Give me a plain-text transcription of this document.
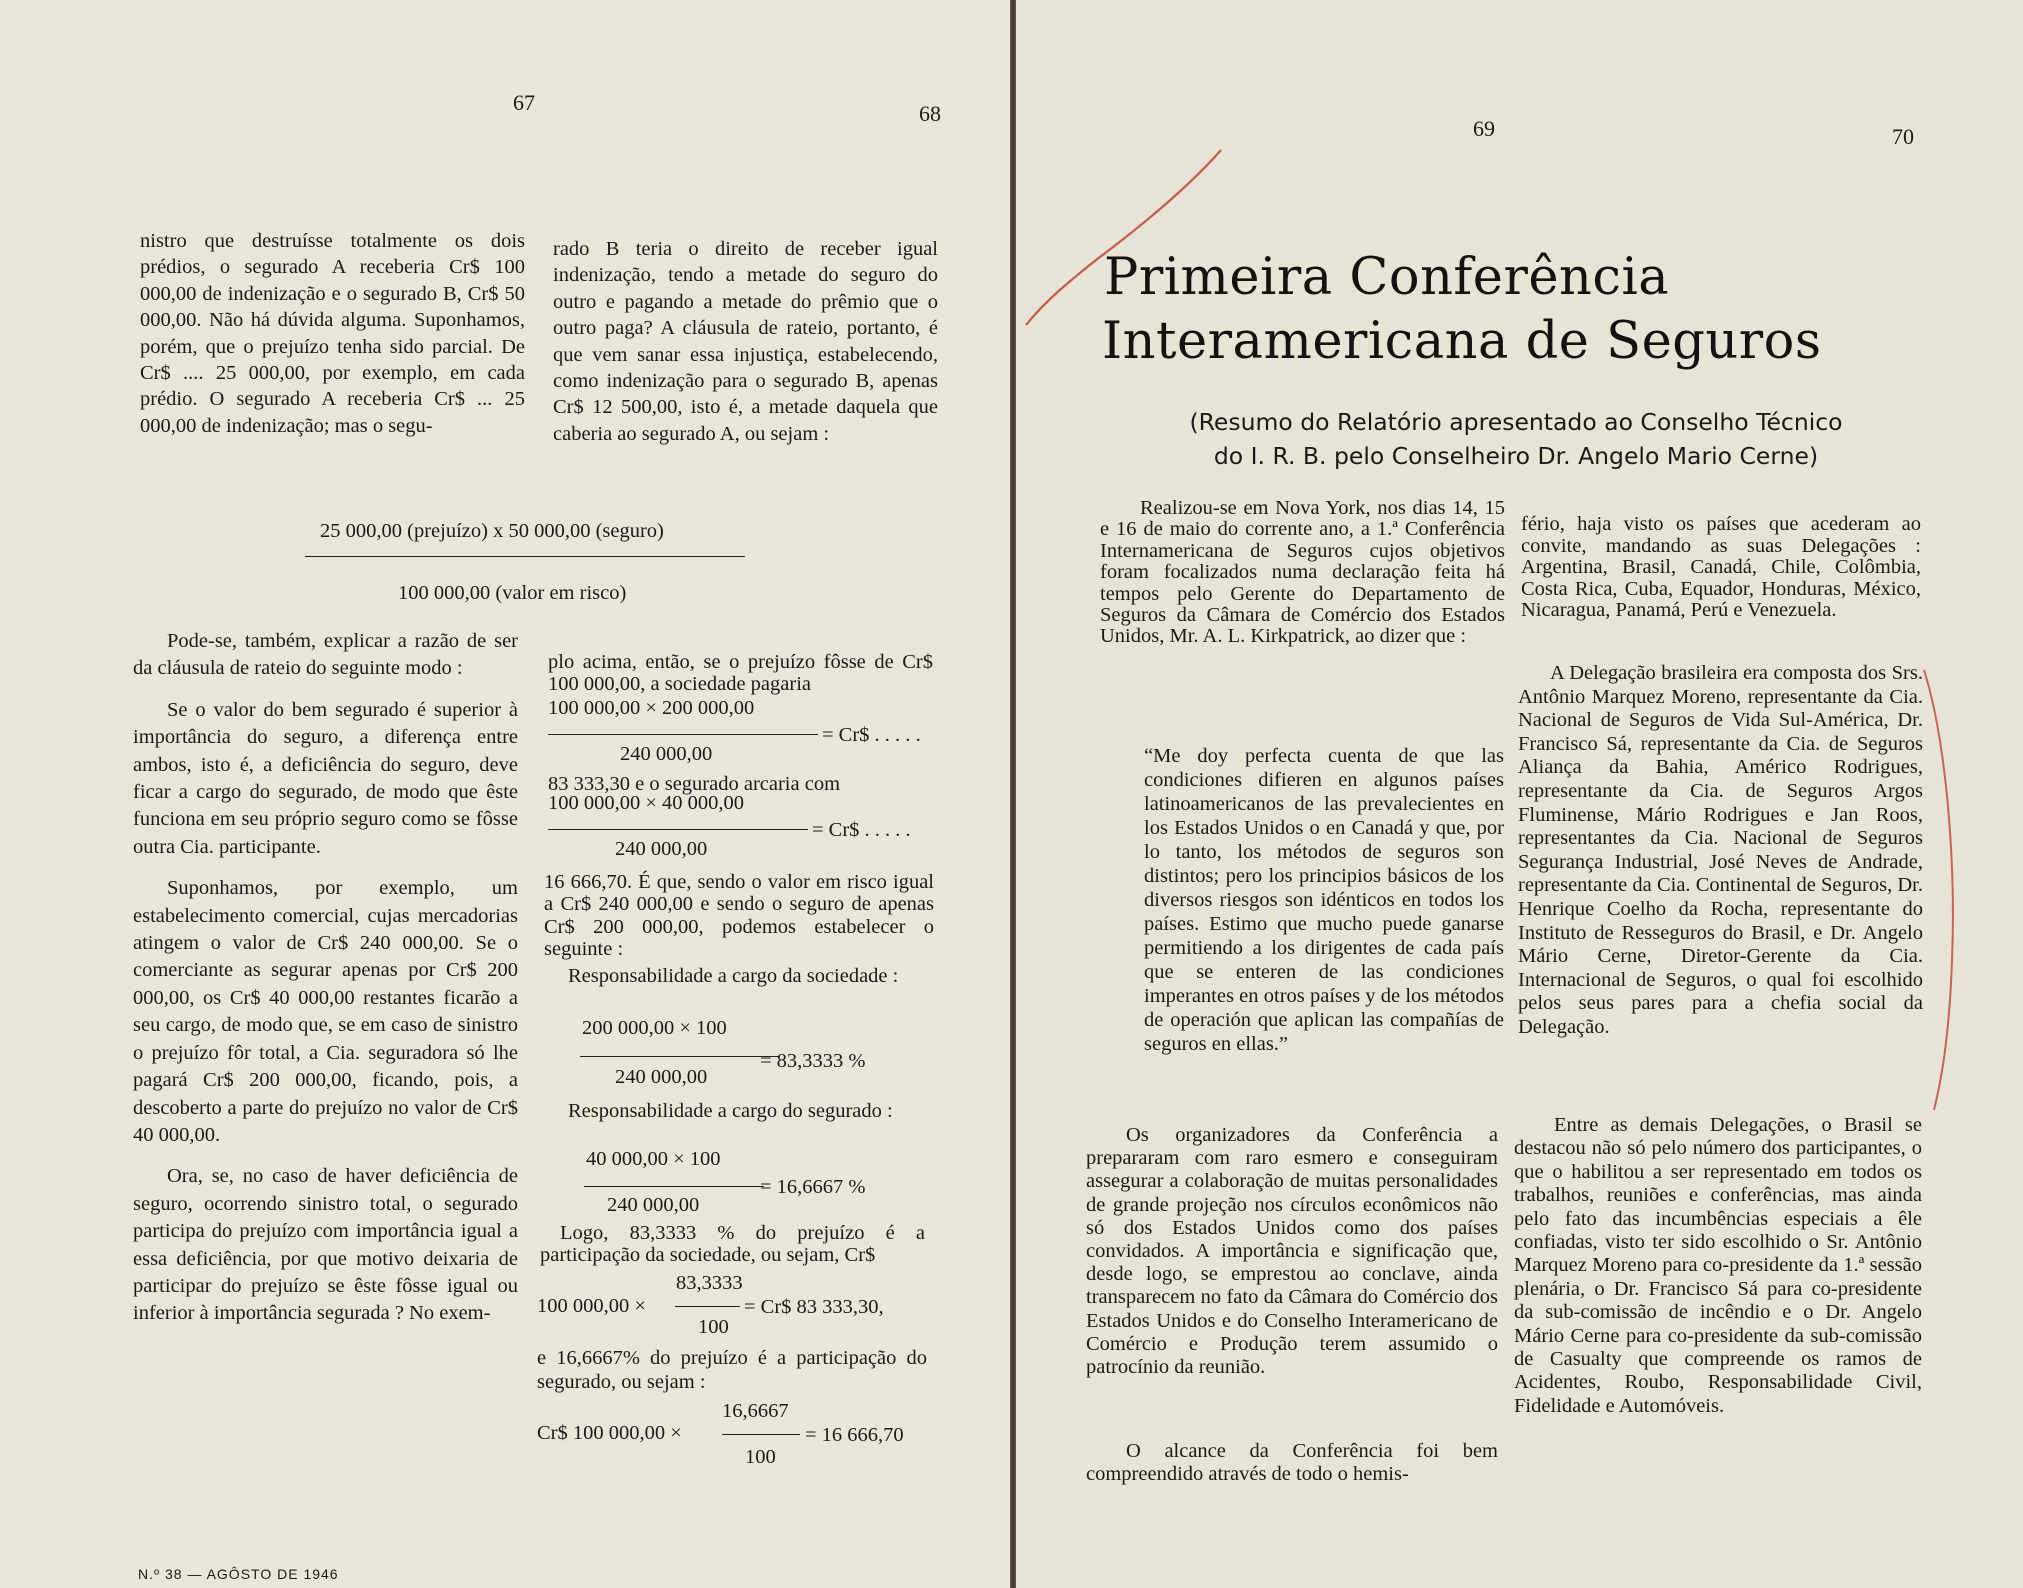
67	68

nistro que destruísse totalmente os dois prédios, o segurado A receberia Cr$ 100 000,00 de indenização e o segurado B, Cr$ 50 000,00. Não há dúvida alguma. Suponhamos, porém, que o prejuízo tenha sido parcial. De Cr$ .... 25 000,00, por exemplo, em cada prédio. O segurado A receberia Cr$ ... 25 000,00 de indenização; mas o segu-

rado B teria o direito de receber igual indenização, tendo a metade do seguro do outro e pagando a metade do prêmio que o outro paga? A cláusula de rateio, portanto, é que vem sanar essa injustiça, estabelecendo, como indenização para o segurado B, apenas Cr$ 12 500,00, isto é, a metade daquela que caberia ao segurado A, ou sejam :

25 000,00 (prejuízo) x 50 000,00 (seguro)
100 000,00 (valor em risco)

Pode-se, também, explicar a razão de ser da cláusula de rateio do seguinte modo :

Se o valor do bem segurado é superior à importância do seguro, a diferença entre ambos, isto é, a deficiência do seguro, deve ficar a cargo do segurado, de modo que êste funciona em seu próprio seguro como se fôsse outra Cia. participante.

Suponhamos, por exemplo, um estabelecimento comercial, cujas mercadorias atingem o valor de Cr$ 240 000,00. Se o comerciante as segurar apenas por Cr$ 200 000,00, os Cr$ 40 000,00 restantes ficarão a seu cargo, de modo que, se em caso de sinistro o prejuízo fôr total, a Cia. seguradora só lhe pagará Cr$ 200 000,00, ficando, pois, a descoberto a parte do prejuízo no valor de Cr$ 40 000,00.

Ora, se, no caso de haver deficiência de seguro, ocorrendo sinistro total, o segurado participa do prejuízo com importância igual a essa deficiência, por que motivo deixaria de participar do prejuízo se êste fôsse igual ou inferior à importância segurada ? No exem-

plo acima, então, se o prejuízo fôsse de Cr$ 100 000,00, a sociedade pagaria
100 000,00 × 200 000,00
= Cr$ . . . . .
240 000,00
83 333,30 e o segurado arcaria com
100 000,00 × 40 000,00
= Cr$ . . . . .
240 000,00
16 666,70. É que, sendo o valor em risco igual a Cr$ 240 000,00 e sendo o seguro de apenas Cr$ 200 000,00, podemos estabelecer o seguinte :
Responsabilidade a cargo da sociedade :
200 000,00 × 100
= 83,3333 %
240 000,00
Responsabilidade a cargo do segurado :
40 000,00 × 100
= 16,6667 %
240 000,00
Logo, 83,3333 % do prejuízo é a participação da sociedade, ou sejam, Cr$
83,3333
100 000,00 ×	= Cr$ 83 333,30,
100
e 16,6667% do prejuízo é a participação do segurado, ou sejam :
16,6667
Cr$ 100 000,00 ×	= 16 666,70
100
N.º 38 — AGÔSTO DE 1946
69	70
Primeira Conferência
Interamericana de Seguros
(Resumo do Relatório apresentado ao Conselho Técnico
do I. R. B. pelo Conselheiro Dr. Angelo Mario Cerne)
Realizou-se em Nova York, nos dias 14, 15 e 16 de maio do corrente ano, a 1.ª Conferência Internamericana de Seguros cujos objetivos foram focalizados numa declaração feita há tempos pelo Gerente do Departamento de Seguros da Câmara de Comércio dos Estados Unidos, Mr. A. L. Kirkpatrick, ao dizer que :
“Me doy perfecta cuenta de que las condiciones difieren en algunos países latinoamericanos de las prevalecientes en los Estados Unidos o en Canadá y que, por lo tanto, los métodos de seguros son distintos; pero los principios básicos de los diversos riesgos son idénticos en todos los países. Estimo que mucho puede ganarse permitiendo a los dirigentes de cada país que se enteren de las condiciones imperantes en otros países y de los métodos de operación que aplican las compañías de seguros en ellas.”
Os organizadores da Conferência a prepararam com raro esmero e conseguiram assegurar a colaboração de muitas personalidades de grande projeção nos círculos econômicos não só dos Estados Unidos como dos países convidados. A importância e significação que, desde logo, se emprestou ao conclave, ainda transparecem no fato da Câmara do Comércio dos Estados Unidos e do Conselho Interamericano de Comércio e Produção terem assumido o patrocínio da reunião.
O alcance da Conferência foi bem compreendido através de todo o hemis-
fério, haja visto os países que acederam ao convite, mandando as suas Delegações : Argentina, Brasil, Canadá, Chile, Colômbia, Costa Rica, Cuba, Equador, Honduras, México, Nicaragua, Panamá, Perú e Venezuela.
A Delegação brasileira era composta dos Srs. Antônio Marquez Moreno, representante da Cia. Nacional de Seguros de Vida Sul-América, Dr. Francisco Sá, representante da Cia. de Seguros Aliança da Bahia, Américo Rodrigues, representante da Cia. de Seguros Argos Fluminense, Mário Rodrigues e Jan Roos, representantes da Cia. Nacional de Seguros Segurança Industrial, José Neves de Andrade, representante da Cia. Continental de Seguros, Dr. Henrique Coelho da Rocha, representante do Instituto de Resseguros do Brasil, e Dr. Angelo Mário Cerne, Diretor-Gerente da Cia. Internacional de Seguros, o qual foi escolhido pelos seus pares para a chefia social da Delegação.
Entre as demais Delegações, o Brasil se destacou não só pelo número dos participantes, o que o habilitou a ser representado em todos os trabalhos, reuniões e conferências, mas ainda pelo fato das incumbências especiais a êle confiadas, visto ter sido escolhido o Sr. Antônio Marquez Moreno para co-presidente da 1.ª sessão plenária, o Dr. Francisco Sá para co-presidente da sub-comissão de incêndio e o Dr. Angelo Mário Cerne para co-presidente da sub-comissão de Casualty que compreende os ramos de Acidentes, Roubo, Responsabilidade Civil, Fidelidade e Automóveis.
